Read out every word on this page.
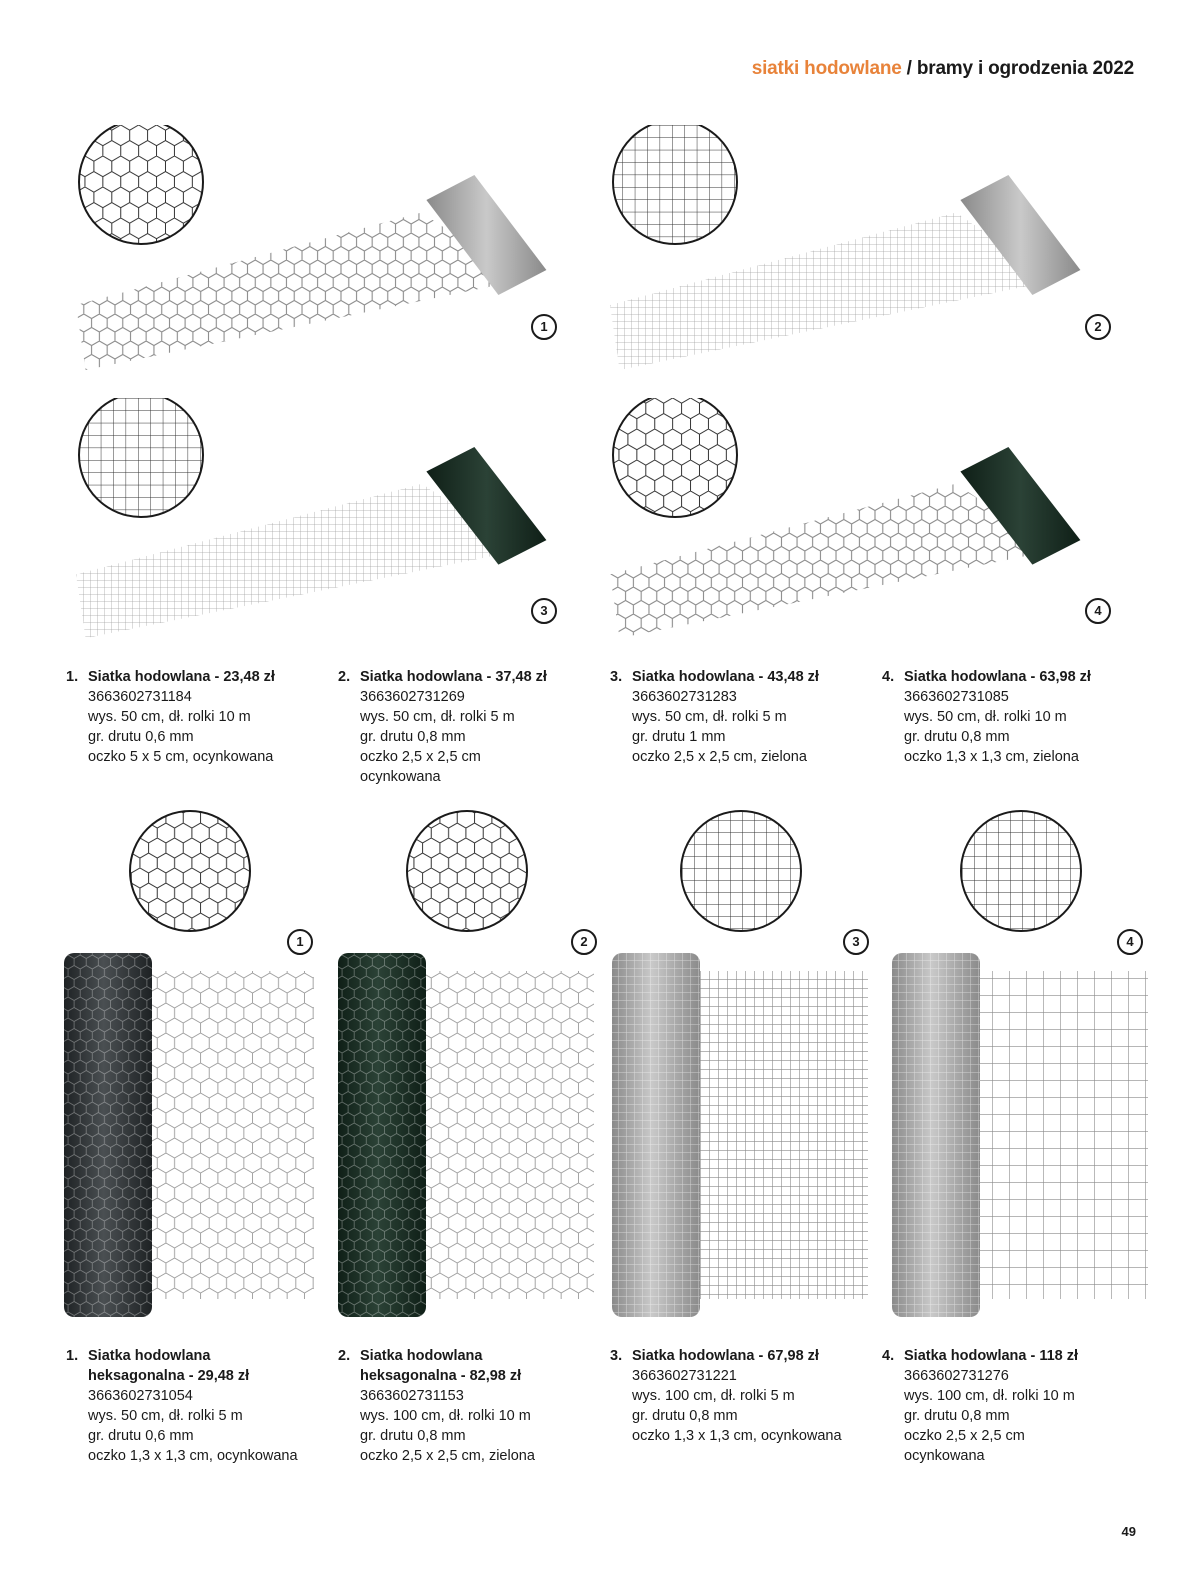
siatki hodowlane / bramy i ogrodzenia 2022
1	2
3	4
1. Siatka hodowlana - 23,48 zł
3663602731184
wys. 50 cm, dł. rolki 10 m
gr. drutu 0,6 mm
oczko 5 x 5 cm, ocynkowana
2. Siatka hodowlana - 37,48 zł
3663602731269
wys. 50 cm, dł. rolki 5 m
gr. drutu 0,8 mm
oczko 2,5 x 2,5 cm
ocynkowana
3. Siatka hodowlana - 43,48 zł
3663602731283
wys. 50 cm, dł. rolki 5 m
gr. drutu 1 mm
oczko 2,5 x 2,5 cm, zielona
4. Siatka hodowlana - 63,98 zł
3663602731085
wys. 50 cm, dł. rolki 10 m
gr. drutu 0,8 mm
oczko 1,3 x 1,3 cm, zielona
1	2	3	4
1. Siatka hodowlana
heksagonalna - 29,48 zł
3663602731054
wys. 50 cm, dł. rolki 5 m
gr. drutu 0,6 mm
oczko 1,3 x 1,3 cm, ocynkowana
2. Siatka hodowlana
heksagonalna - 82,98 zł
3663602731153
wys. 100 cm, dł. rolki 10 m
gr. drutu 0,8 mm
oczko 2,5 x 2,5 cm, zielona
3. Siatka hodowlana - 67,98 zł
3663602731221
wys. 100 cm, dł. rolki 5 m
gr. drutu 0,8 mm
oczko 1,3 x 1,3 cm, ocynkowana
4. Siatka hodowlana - 118 zł
3663602731276
wys. 100 cm, dł. rolki 10 m
gr. drutu 0,8 mm
oczko 2,5 x 2,5 cm
ocynkowana
49
